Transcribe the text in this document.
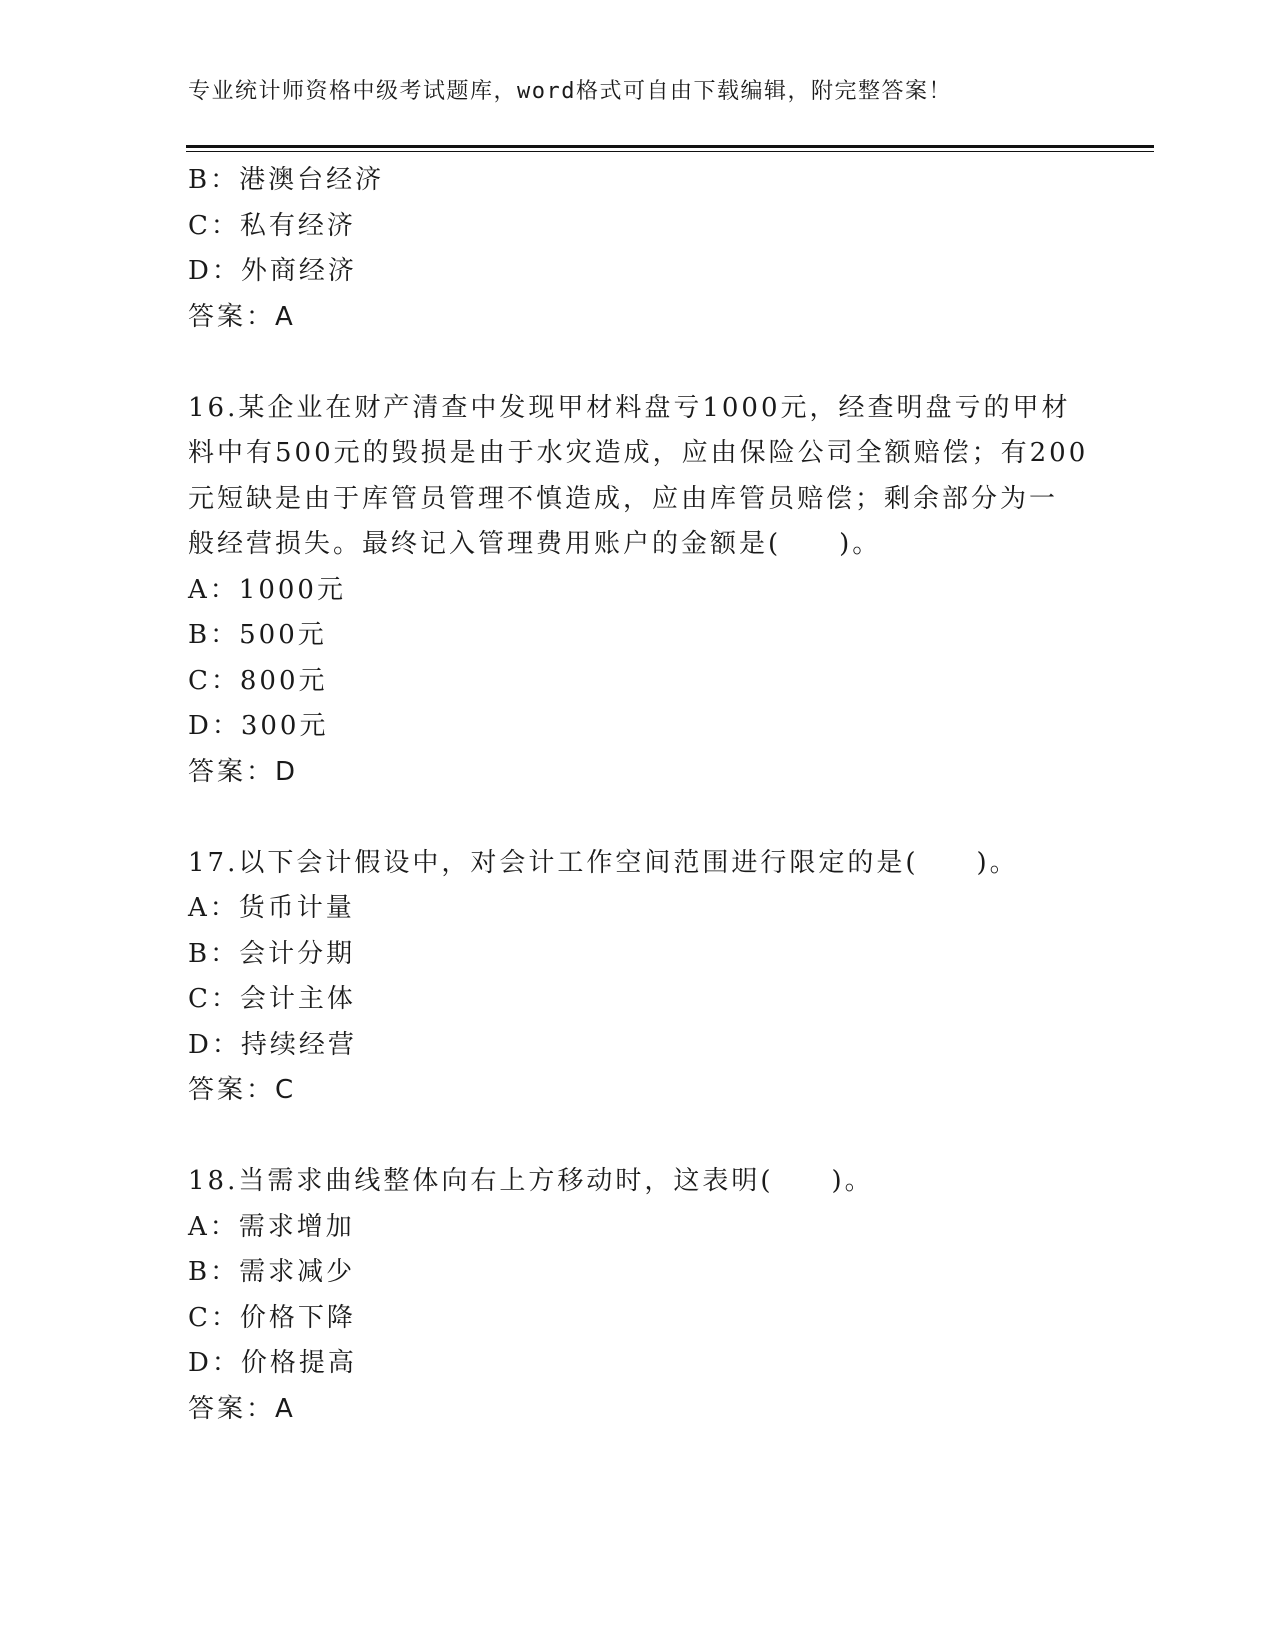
专业统计师资格中级考试题库，word格式可自由下载编辑，附完整答案！
B：港澳台经济
C：私有经济
D：外商经济
答案：A
16.某企业在财产清查中发现甲材料盘亏1000元，经查明盘亏的甲材
料中有500元的毁损是由于水灾造成，应由保险公司全额赔偿；有200
元短缺是由于库管员管理不慎造成，应由库管员赔偿；剩余部分为一
般经营损失。最终记入管理费用账户的金额是(　　)。
A：1000元
B：500元
C：800元
D：300元
答案：D
17.以下会计假设中，对会计工作空间范围进行限定的是(　　)。
A：货币计量
B：会计分期
C：会计主体
D：持续经营
答案：C
18.当需求曲线整体向右上方移动时，这表明(　　)。
A：需求增加
B：需求减少
C：价格下降
D：价格提高
答案：A
